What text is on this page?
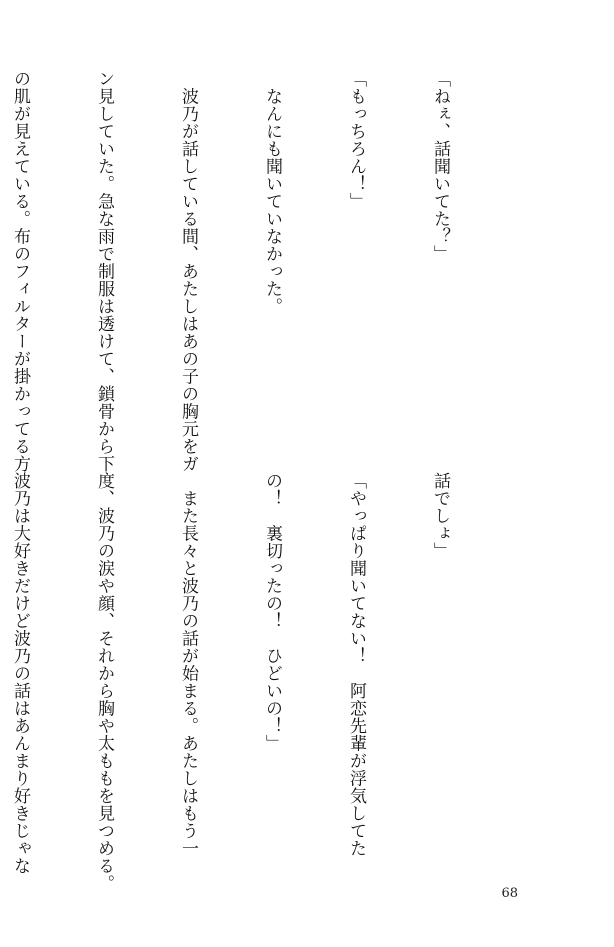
「ねぇ、話聞いてた？」

「もっちろん！」

　なんにも聞いていなかった。

　波乃が話している間、あたしはあの子の胸元をガ

ン見していた。急な雨で制服は透けて、鎖骨から下

の肌が見えている。布のフィルターが掛かってる方

話でしょ」

「やっぱり聞いてない！　阿恋先輩が浮気してた

の！　裏切ったの！　ひどいの！」

　また長々と波乃の話が始まる。あたしはもう一

度、波乃の涙や顔、それから胸や太ももを見つめる。

波乃は大好きだけど波乃の話はあんまり好きじゃな

68
